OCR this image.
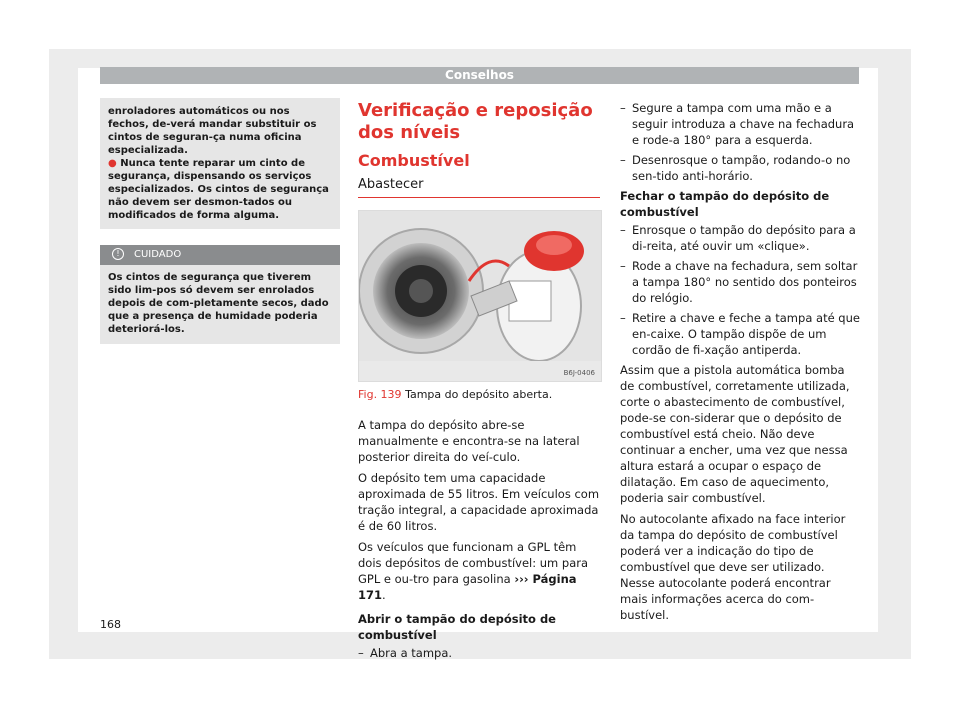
Conselhos

enroladores automáticos ou nos fechos, de-verá mandar substituir os cintos de seguran-ça numa oficina especializada.

● Nunca tente reparar um cinto de segurança, dispensando os serviços especializados. Os cintos de segurança não devem ser desmon-tados ou modificados de forma alguma.

! CUIDADO
Os cintos de segurança que tiverem sido lim-pos só devem ser enrolados depois de com-pletamente secos, dado que a presença de humidade poderia deteriorá-los.
Verificação e reposição dos níveis
Combustível
Abastecer
B6J-0406
Fig. 139 Tampa do depósito aberta.

A tampa do depósito abre-se manualmente e encontra-se na lateral posterior direita do veí-culo.

O depósito tem uma capacidade aproximada de 55 litros. Em veículos com tração integral, a capacidade aproximada é de 60 litros.

Os veículos que funcionam a GPL têm dois depósitos de combustível: um para GPL e ou-tro para gasolina ››› Página 171.

Abrir o tampão do depósito de combustível

– Abra a tampa.
– Segure a tampa com uma mão e a seguir introduza a chave na fechadura e rode-a 180° para a esquerda.
– Desenrosque o tampão, rodando-o no sen-tido anti-horário.

Fechar o tampão do depósito de combustível

– Enrosque o tampão do depósito para a di-reita, até ouvir um «clique».
– Rode a chave na fechadura, sem soltar a tampa 180° no sentido dos ponteiros do relógio.
– Retire a chave e feche a tampa até que en-caixe. O tampão dispõe de um cordão de fi-xação antiperda.

Assim que a pistola automática bomba de combustível, corretamente utilizada, corte o abastecimento de combustível, pode-se con-siderar que o depósito de combustível está cheio. Não deve continuar a encher, uma vez que nessa altura estará a ocupar o espaço de dilatação. Em caso de aquecimento, poderia sair combustível.

No autocolante afixado na face interior da tampa do depósito de combustível poderá ver a indicação do tipo de combustível que deve ser utilizado. Nesse autocolante poderá encontrar mais informações acerca do com-bustível.

168
